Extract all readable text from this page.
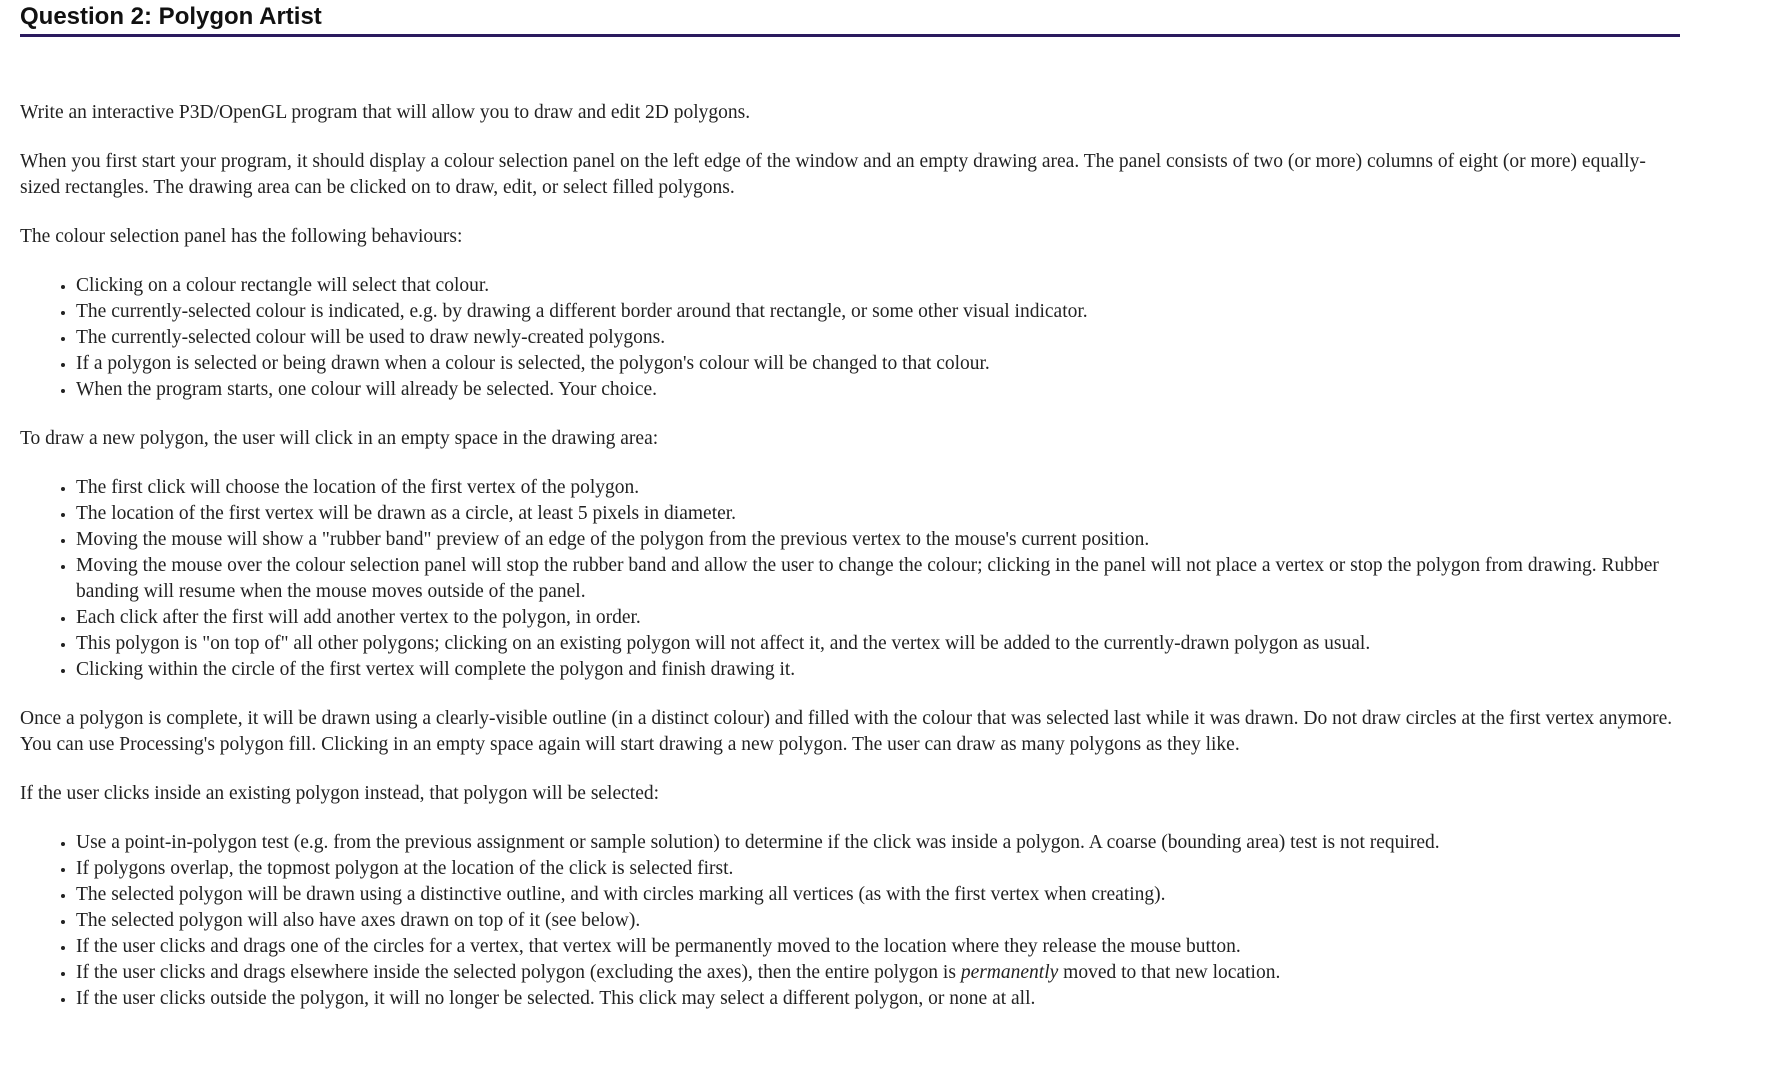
Question 2: Polygon Artist

Write an interactive P3D/OpenGL program that will allow you to draw and edit 2D polygons.

When you first start your program, it should display a colour selection panel on the left edge of the window and an empty drawing area. The panel consists of two (or more) columns of eight (or more) equally-sized rectangles. The drawing area can be clicked on to draw, edit, or select filled polygons.

The colour selection panel has the following behaviours:

• Clicking on a colour rectangle will select that colour.
• The currently-selected colour is indicated, e.g. by drawing a different border around that rectangle, or some other visual indicator.
• The currently-selected colour will be used to draw newly-created polygons.
• If a polygon is selected or being drawn when a colour is selected, the polygon's colour will be changed to that colour.
• When the program starts, one colour will already be selected. Your choice.

To draw a new polygon, the user will click in an empty space in the drawing area:

• The first click will choose the location of the first vertex of the polygon.
• The location of the first vertex will be drawn as a circle, at least 5 pixels in diameter.
• Moving the mouse will show a "rubber band" preview of an edge of the polygon from the previous vertex to the mouse's current position.
• Moving the mouse over the colour selection panel will stop the rubber band and allow the user to change the colour; clicking in the panel will not place a vertex or stop the polygon from drawing. Rubber banding will resume when the mouse moves outside of the panel.
• Each click after the first will add another vertex to the polygon, in order.
• This polygon is "on top of" all other polygons; clicking on an existing polygon will not affect it, and the vertex will be added to the currently-drawn polygon as usual.
• Clicking within the circle of the first vertex will complete the polygon and finish drawing it.

Once a polygon is complete, it will be drawn using a clearly-visible outline (in a distinct colour) and filled with the colour that was selected last while it was drawn. Do not draw circles at the first vertex anymore. You can use Processing's polygon fill. Clicking in an empty space again will start drawing a new polygon. The user can draw as many polygons as they like.

If the user clicks inside an existing polygon instead, that polygon will be selected:

• Use a point-in-polygon test (e.g. from the previous assignment or sample solution) to determine if the click was inside a polygon. A coarse (bounding area) test is not required.
• If polygons overlap, the topmost polygon at the location of the click is selected first.
• The selected polygon will be drawn using a distinctive outline, and with circles marking all vertices (as with the first vertex when creating).
• The selected polygon will also have axes drawn on top of it (see below).
• If the user clicks and drags one of the circles for a vertex, that vertex will be permanently moved to the location where they release the mouse button.
• If the user clicks and drags elsewhere inside the selected polygon (excluding the axes), then the entire polygon is permanently moved to that new location.
• If the user clicks outside the polygon, it will no longer be selected. This click may select a different polygon, or none at all.
